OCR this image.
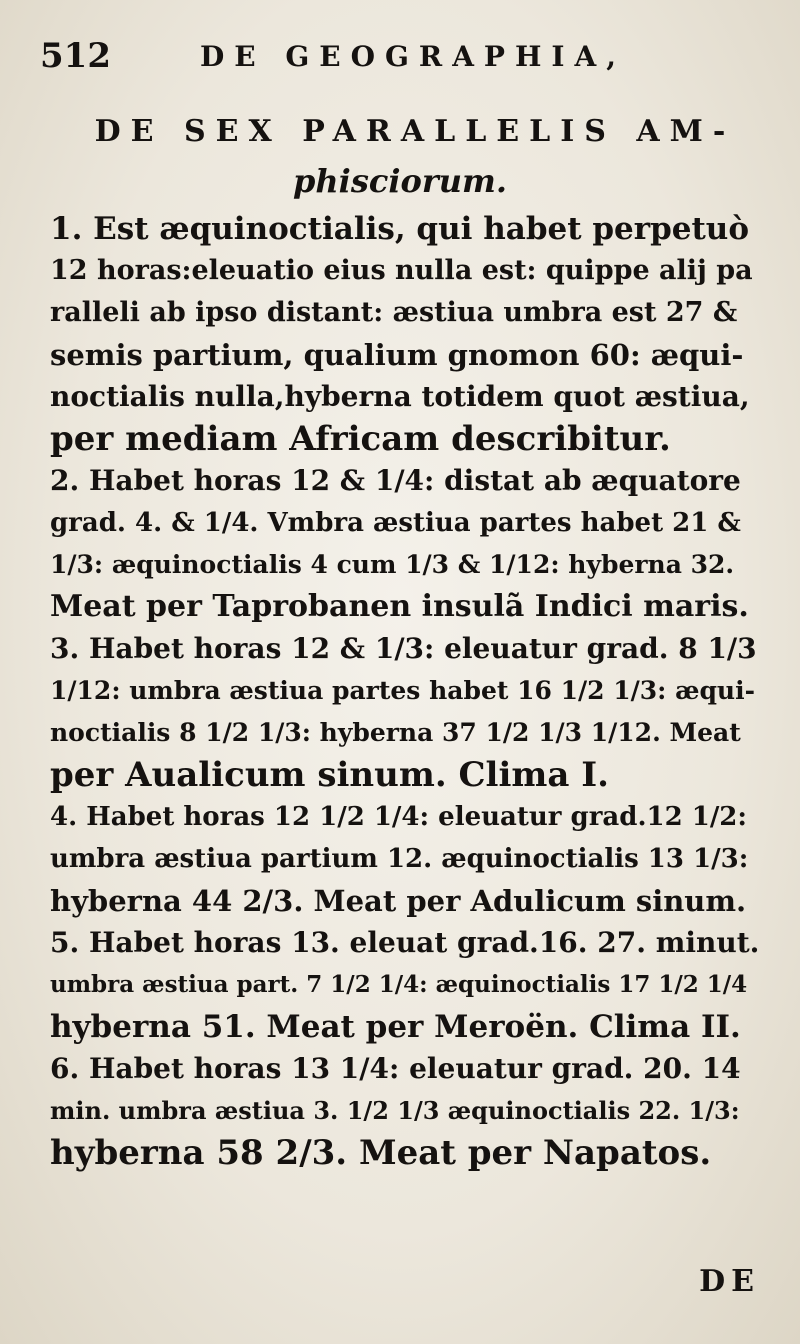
512	DE GEOGRAPHIA,
DE SEX PARALLELIS AM-
phisciorum.
1. Est æquinoctialis, qui habet perpetuò
12 horas:eleuatio eius nulla est: quippe alij pa
ralleli ab ipso distant: æstiua umbra est 27 &
semis partium, qualium gnomon 60: æqui-
noctialis nulla,hyberna totidem quot æstiua,
per mediam Africam describitur.
2. Habet horas 12 & 1/4: distat ab æquatore
grad. 4. & 1/4. Vmbra æstiua partes habet 21 &
1/3: æquinoctialis 4 cum 1/3 & 1/12: hyberna 32.
Meat per Taprobanen insulã Indici maris.
3. Habet horas 12 & 1/3: eleuatur grad. 8 1/3
1/12: umbra æstiua partes habet 16 1/2 1/3: æqui-
noctialis 8 1/2 1/3: hyberna 37 1/2 1/3 1/12. Meat
per Aualicum sinum. Clima I.
4. Habet horas 12 1/2 1/4: eleuatur grad.12 1/2:
umbra æstiua partium 12. æquinoctialis 13 1/3:
hyberna 44 2/3. Meat per Adulicum sinum.
5. Habet horas 13. eleuat grad.16. 27. minut.
umbra æstiua part. 7 1/2 1/4: æquinoctialis 17 1/2 1/4
hyberna 51. Meat per Meroën. Clima II.
6. Habet horas 13 1/4: eleuatur grad. 20. 14
min. umbra æstiua 3. 1/2 1/3 æquinoctialis 22. 1/3:
hyberna 58 2/3. Meat per Napatos.
DE
